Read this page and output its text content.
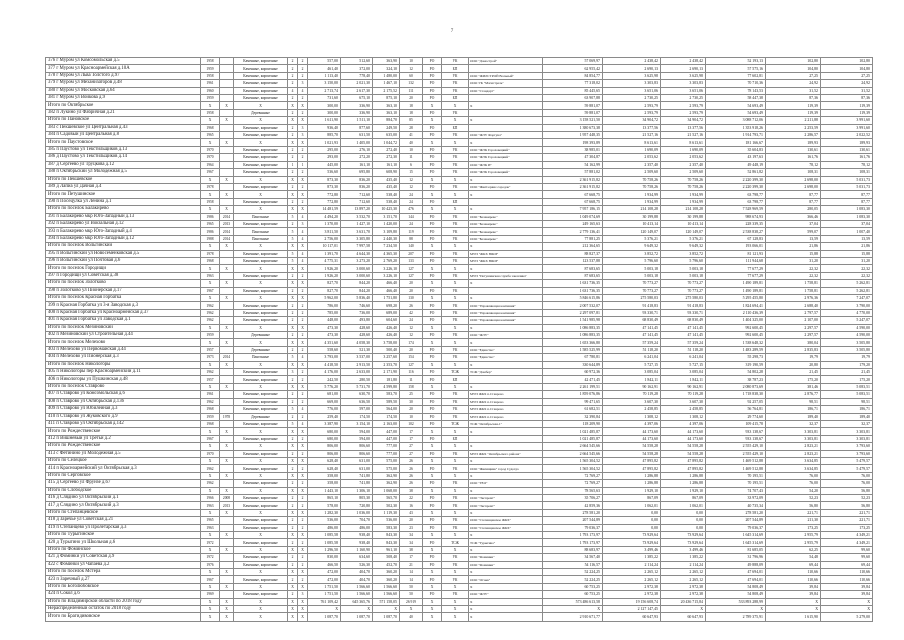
7
376 г Муром ул Комсомольская д.5	1958		Каменные, кирпичные	2	2	557,00	512,60	363,90	10	РО	УК	ООО "Домострой"	57 069,97	2 438,42	2 438,42	52 193,13	102,80	102,80
377 г Муром ул Красноармейская д.10А	1959		Каменные, кирпичные	2	2	461,40	372,00	324,10	12	РО	БП		62 955,42	2 690,13	2 690,13	57 575,16	104,80	104,80
378 г Муром ул Льва Толстого д.97	1958		Каменные, кирпичные	2	2	1 113,40	778,40	1 480,00	60	РО	УК	ООО "ЖИЛСТРОЙ Вольный"	84 854,77	3 625,98	3 625,98	77 602,81	27,25	27,25
379 г Муром ул Механизаторов д.48	1961		Каменные, кирпичные	2	3	3 150,00	2 021,30	1 467,10	132	РО	УК	ООО УК "Магистраль"	77 318,02	3 303,83	3 303,83	70 710,36	24,92	24,92
380 г Муром ул Московская д.64	1960		Каменные, кирпичные	4	4	2 713,74	2 617,30	2 175,52	111	РО	УК	ООО "Стандарт"	85 445,65	3 651,06	3 651,06	78 143,53	31,52	31,52
381 г Муром ул Войкова д.9	1959		Каменные, кирпичные	2	2	731,60	675,10	875,10	20	РО	БП		63 907,88	2 730,25	2 730,25	58 447,38	87,36	87,36
Итого по Октябрьское	X	X	X	X	X	300,00	336,90	363,10	18	X	X	X	59 881,07	2 593,79	2 593,79	54 693,49	119,39	119,39
382 п Лукино ул Фабричная д.21	1958		Деревянные	2	2	300,00	336,90	363,10	18	РО	УК		59 881,07	2 593,79	2 593,79	54 693,49	119,39	119,39
Итого по Пановское	X	X	X	X	X	1 611,90	1 511,10	884,70	85	X	X	X	3 158 521,50	34 904,72	34 904,72	3 088 712,06	2 211,88	3 991,60
383 с Пекшевское ул Центральная д.43	1968		Каменные, кирпичные	2	3	936,40	877,60	249,50	28	РО	БП		1 380 673,38	13 377,56	13 377,56	1 353 918,26	2 253,59	3 991,60
384 п Садовый ул Центральная д.8	1965		Каменные, кирпичные	2	3	885,70	631,50	635,00	41	РО	УК	ООО "ЖЭУ Фортуна"	1 957 448,35	21 527,16	21 527,16	1 914 793,71	2 286,57	2 022,52
Итого по Паустовское	X	X	X	X	X	1 021,93	1 405,00	1 044,72	40	X	X	X	198 393,89	8 613,61	8 613,61	181 166,67	189,93	189,93
385 п Паустово ул Текстильщиков д.13	1970		Каменные, кирпичные	2	2	295,00	276,10	272,40	10	РО	УК	ООО "ЖЭК Гороховецкий"	38 985,01	1 690,09	1 690,09	35 604,83	130,61	130,61
386 д Паустово ул Текстильщиков д.14	1970		Каменные, кирпичные	2	2	293,00	272,20	272,30	11	РО	УК	ООО "ЖЭК Гороховецкий"	47 304,87	2 053,62	2 053,62	43 197,63	161,76	161,76
387 д Сергеево ул Труцкова д.12	1964		Каменные, кирпичные	1	1	445,00	161,10	161,10	6	РО	УК	ООО "ЖЭК И"	54 162,99	2 357,40	2 357,40	49 448,19	78,12	78,12
388 п Октябрьский ул Молодежная д.5	1967		Каменные, кирпичные	2	2	536,60	695,80	608,90	15	РО	УК	ООО "ЖЭК Гороховецкий"	57 881,02	2 509,60	2 509,60	52 861,82	108,31	108,31
Итого по Пекшевское	X	X	X	X	X	873,30	836,20	435,40	12	X	X	X	2 361 915,82	70 758,26	70 758,26	2 220 399,30	2 698,00	5 031,73
389 д Лапиа ул Дачная д.4	1978		Каменные, кирпичные	2	2	873,30	836,20	435,40	12	РО	УК	ООО "ЖилСервис-городок"	2 361 915,82	70 758,26	70 758,26	2 220 399,30	2 698,00	5 031,73
Итого по Петушинское	X	X	X	X	X	772,80	712,60	538,40	24	X	X	X	67 668,75	1 934,99	1 934,99	63 798,77	87,77	87,77
390 п Посецулка ул Ленина д.1	1958		Каменные, кирпичные	2	2	772,80	712,60	538,40	24	РО	БП		67 668,75	1 934,99	1 934,99	63 798,77	87,77	87,77
Итого по поселок Балакирево	X	X	X	X	X	14 481,59	13 897,20	10 425,30	476	X	X	X	7 957 186,15	214 108,28	214 108,28	7 528 969,59	280,05	1 083,30
391 п Балакирево мкр Юго-Западный д.13	1986	2014	Панельные	5	4	4 494,20	3 532,70	3 151,70	144	РО	УК	ООО "Балакирево"	1 049 074,69	30 199,88	30 199,88	988 674,93	366,46	1 083,30
392 п Балакирево ул Вокзальная д.12	1965	2013	Каменные, кирпичные	2	3	1 370,00	1 427,10	1 420,00	24	РО	УК	ООО "Балакирево"	249 165,63	10 413,14	10 413,14	228 339,35	37,04	37,04
393 п Балакирево мкр Юго-Западный д.4	1986	2014	Панельные	5	4	3 811,50	3 631,70	3 109,80	119	РО	УК	ООО "Балакирево"	2 779 136,41	120 149,07	120 149,07	2 538 838,27	599,07	1 007,40
394 п Балакирево мкр Юго-Западный д.12	1988	2014	Панельные	5	4	2 756,00	3 305,80	2 440,30	88	РО	УК	ООО "Балакирево"	77 881,25	5 376,21	5 376,21	67 128,83	13,59	13,59
Итого по поселок Вольгинский	X	X	X	X	X	10 117,01	7 997,58	7 234,50	140	X	X	X	212 364,65	9 649,32	9 649,32	193 066,01	21,86	21,86
395 п Вольгинский ул Новосеменковская д.5	1978		Каменные, кирпичные	5	4	1 391,70	4 644,30	4 365,30	207	РО	УК	МУП "ЖКХ ЮКИ"	88 827,37	3 852,72	3 852,72	81 121,93	15,88	15,88
396 п Вольгинский ул Почтовая д.6	1968		Каменные, кирпичные	5	4	4 775,31	3 273,20	2 769,20	133	РО	УК	МУП "ЖКХ ЮКИ"	123 537,88	5 796,60	5 796,60	111 944,68	31,20	31,20
Итого по поселок Городищи	X	X	X	X	X	1 926,20	3 000,60	3 226,10	127	X	X	X	87 683,65	5 003,18	5 003,18	77 677,29	22,32	22,32
397 п Городищи ул Советская д.38	1963		Каменные, кирпичные	2	2	1 926,20	3 000,60	3 226,10	127	РО	УК	МУП "Петушинская служба заказчика"	87 683,65	5 003,18	5 003,18	77 677,29	22,32	22,32
Итого по поселок Золотково	X	X	X	X	X	827,70	844,20	466,40	20	X	X	X	1 631 736,35	70 773,27	70 773,27	1 490 189,81	1 758,81	5 262,81
398 п Золотково ул Пионерская д.17	1967		Каменные, кирпичные	2	2	827,70	844,20	466,40	20	РО	УК		1 631 736,35	70 773,27	70 773,27	1 490 189,81	1 758,81	5 262,81
Итого по поселок Красная Горбатка	X	X	X	X	X	5 962,00	5 836,40	1 751,80	130	X	X	X	5 846 615,86	275 580,03	275 580,03	5 295 455,80	2 976,36	7 247,07
399 п Красная Горбатка ул 3-я Заводская д.3	1962		Каменные, кирпичные	2	2	786,00	746,60	698,20	26	РО	УК	ООО "Управляющая компания"	2 007 532,07	91 418,83	91 418,83	1 824 694,41	2 688,40	3 790,00
400 п Красная Горбатка ул Красноармейская д.37	1962		Каменные, кирпичные	2	2	785,00	736,00	689,00	42	РО	УК	ООО "Управляющая компания"	2 297 097,81	93 330,71	93 330,71	2 110 436,39	2 797,57	4 770,00
401 п Красная Горбатка ул Заводская д.1	1962		Каменные, кирпичные	2	2	448,00	493,80	604,60	24	РО	УК	ООО "Управляющая компания"	1 541 985,98	68 830,49	68 830,49	1 404 325,00	2 107,00	5 247,07
Итого по поселок Мезиновский	X	X	X	X	X	473,30	428,60	426,40	12	X	X	X	1 086 883,35	47 141,45	47 141,45	992 600,45	2 297,57	4 590,00
402 п Мезиновский ул Строительная д.44	1959		Деревянные	2	2	473,30	428,60	426,40	12	РО	УК	ООО "ЖЭУ"	1 086 883,35	47 141,45	47 141,45	992 600,45	2 297,57	4 590,00
Итого по поселок Мелехово	X	X	X	X	X	4 351,60	4 058,30	3 758,00	174	X	X	X	1 653 366,80	57 359,24	57 359,24	1 538 648,32	380,04	3 505,80
403 п Мелехово ул Первомайская д.44	1957		Деревянные	2	2	558,60	521,30	500,40	20	РО	УК	ООО "Единство"	1 585 525,99	51 118,20	51 118,20	1 483 289,59	2 835,83	3 505,80
404 п Мелехово ул Пионерская д.3	1973	2014	Панельные	5	4	3 793,00	3 537,00	3 257,60	154	РО	УК	ООО "Единство"	67 780,81	6 241,04	6 241,04	55 298,73	19,79	19,79
Итого по поселок Никологоры	X	X	X	X	X	4 418,50	2 913,50	2 353,70	127	X	X	X	330 644,89	5 727,15	5 727,15	319 190,59	20,80	179,20
405 п Никологоры пер Красноармейский д.11	1962		Каменные, кирпичные	3	2	4 176,00	2 633,00	2 171,90	116	РО	ТСЖ	ТСЖ "Домбер"	60 972,36	3 085,04	3 085,04	54 802,28	21,45	21,45
406 п Никологоры ул Пушкинская д.48	1957		Каменные, кирпичные	2	2	242,50	280,50	181,80	11	РО	БП		42 471,45	1 842,11	1 842,11	38 787,23	175,20	175,20
Итого по поселок Ставрово	X	X	X	X	X	5 776,20	5 731,70	4 599,80	158	X	X	X	2 261 199,51	90 162,91	90 162,91	2 080 873,69	381,46	5 083,51
407 п Ставрово ул Комсомольская д.6	1961		Каменные, кирпичные	2	2	681,00	630,70	583,70	25	РО	УК	МУП ЖКХ п.Ставрово	1 859 076,86	70 119,28	70 119,28	1 718 838,30	2 876,77	5 083,51
408 п Ставрово ул Октябрьская д.136	1962		Каменные, кирпичные	2	2	669,00	636,50	589,50	30	РО	УК	МУП ЖКХ п.Ставрово	99 471,65	3 607,30	3 607,30	92 257,05	98,51	98,51
409 п Ставрово ул Юбилейная д.3	1968		Каменные, кирпичные	5	4	776,00	597,00	564,00	20	РО	УК	МУП ЖКХ п.Ставрово	61 682,51	2 458,85	2 458,85	56 764,81	186,71	186,71
410 п Ставрово ул Жуковского д.9	1959	1978	Деревянные	2	2	259,40	174,50	174,50	10	РО	УК	МУП ЖКХ п.Ставрово	32 390,84	1 308,12	1 308,12	29 774,60	189,40	189,40
411 п Ставрово ул Октябрьская д.142	1968		Каменные, кирпичные	5	4	3 387,90	3 154,10	2 163,00	102	РО	ТСЖ	ТСЖ "Октябрьская-1"	118 209,90	4 397,06	4 397,06	109 415,78	32,37	32,37
Итого по Рождественское	X	X	X	X	X	680,00	594,00	447,00	17	X	X	X	1 021 485,87	44 173,60	44 173,60	933 138,67	3 303,81	3 303,81
412 п Вишневый ул Третьи д.2	1967		Каменные, кирпичные	2	2	680,00	594,00	447,00	17	РО	БП		1 021 485,87	44 173,60	44 173,60	933 138,67	3 303,81	3 303,81
Итого по Рождественское	X	X	X	X	X	806,00	806,60	777,00	27	X	X	X	2 664 545,66	54 558,28	54 558,28	2 555 429,10	2 823,21	3 793,60
413 с Фетинино ул Молодежная д.5	1970		Каменные, кирпичные	2	2	806,00	806,60	777,00	27	РО	УК	МУП ЖКХ "Октябрьского района"	2 664 545,66	54 558,28	54 558,28	2 555 429,10	2 823,21	3 793,60
Итого по Селецкое	X	X	X	X	X	628,40	631,00	575,00	26	X	X	X	1 565 304,52	47 895,82	47 895,82	1 469 512,88	3 634,85	5 479,57
414 п Красноармейский ул Октябрьская д.3	1962		Каменные, кирпичные	2	2	628,40	631,00	575,00	26	РО	УК	ООО "Жилищник" город Судогда	1 565 304,52	47 895,82	47 895,82	1 469 512,88	3 634,85	5 479,57
Итого по Серговское	X	X	X	X	X	358,00	741,80	362,90	26	X	X	X	72 769,27	1 286,88	1 286,88	70 195,51	76,00	76,00
415 д Сергеево ул Фрунзе д.67	1962		Каменные, кирпичные	2	2	358,00	741,80	362,90	26	РО	УК	ООО "ГЕО"	72 769,27	1 286,88	1 286,88	70 195,51	76,00	76,00
Итого по Слободское	X	X	X	X	X	1 443,10	1 306,10	1 068,00	38	X	X	X	78 565,63	1 929,10	1 929,10	74 707,43	54,20	56,80
416 д Слядино ул Октябрьский д.1	1966	2008	Каменные, кирпичные	2	2	865,10	805,30	565,70	22	РО	УК	ООО "Экспромт"	35 706,27	867,09	867,09	33 972,09	52,23	52,23
417 д Слядино ул Октябрьский д.3	1963	2013	Каменные, кирпичные	2	2	578,00	720,80	502,30	16	РО	УК	ООО "Экспромт"	42 859,36	1 062,01	1 062,01	40 735,34	56,80	56,80
Итого по Степанцевское	X	X	X	X	X	1 282,30	1 036,00	1 119,30	43	X	X	X	278 581,20	0,00	0,00	278 581,20	221,71	221,71
418 д Заречье ул Советская д.21	1965		Каменные, кирпичные	2	2	536,00	704,70	536,00	20	РО	УК	ООО "Степанцевское ЖКХ"	207 544,89	0,00	0,00	207 544,89	211,30	221,71
419 п Степанцево ул Пролетарская д.3	1963		Каменные, кирпичные	2	2	486,00	486,00	583,30	23	РО	УК	ООО "Степанцевское ЖКХ"	79 036,37	0,00	0,00	79 036,37	173,25	173,25
Итого по Турыгинское	X	X	X	X	X	1 085,58	938,40	843,30	34	X	X	X	1 793 173,97	73 929,64	73 929,64	1 645 314,69	2 955,79	4 349,21
420 д Турыгино ул Школьная д.6	1972		Каменные, кирпичные	2	2	1 085,58	938,40	843,30	34	РО	ТСЖ	ТСЖ "Турыгино"	1 793 173,97	73 929,64	73 929,64	1 645 314,69	2 955,79	4 349,21
Итого по Фоминское	X	X	X	X	X	1 296,50	1 160,90	961,10	38	X	X	X	88 683,97	3 499,46	3 499,46	81 685,05	62,25	99,60
421 д Фоминки ул Советская д.9	1972		Каменные, кирпичные	2	2	830,00	634,60	508,40	17	РО	УК	ООО "Фоминки"	34 567,40	1 385,22	1 385,22	31 796,96	54,48	99,60
422 с Фоминки ул Чапаева д.2	1976		Каменные, кирпичные	2	2	466,50	526,30	452,70	21	РО	УК	ООО "Фоминки"	54 116,57	2 114,24	2 114,24	49 888,09	69,44	69,44
Итого по поселок Мстёра	X	X	X	X	X	472,00	404,70	360,20	14	X	X	X	52 224,25	2 265,12	2 265,12	47 694,01	110,66	110,66
423 п Заречный д.27	1967		Каменные, кирпичные	2	2	472,00	404,70	360,20	14	РО	УК	ООО "Отзыв"	52 224,25	2 265,12	2 265,12	47 694,01	110,66	110,66
Итого по Боголюбовское	X	X	X	X	X	1 751,50	1 566,60	1 566,60	50	X	X	X	60 753,25	2 972,38	2 972,38	54 808,49	39,84	39,84
424 п Сокол д.6	1969		Каменные, кирпичные	2	3	1 751,50	1 566,60	1 566,60	50	РО	УК	ООО "ЖЭУ"	60 753,25	2 972,38	2 972,38	54 808,49	39,84	39,84
Итого по Владимирской области по 2018 году	X	X	X	X	X	761 109,42	645 365,76	571 158,05	26 919	X	X	X	573 486 613,58	19 156 608,74	20 436 715,84	533 893 288,99	X	X
Нераспределенный остаток по 2018 году	X	X	X	X	X	X	X	X	X	X	X	X	X	2 127 147,45	X	X	X	X
Итого по Брагидивовское	X	X	X	X	X	1 087,70	1 087,70	1 087,70	40	X	X	X	2 910 671,77	60 647,93	60 647,93	2 789 375,91	1 615,90	5 279,00
